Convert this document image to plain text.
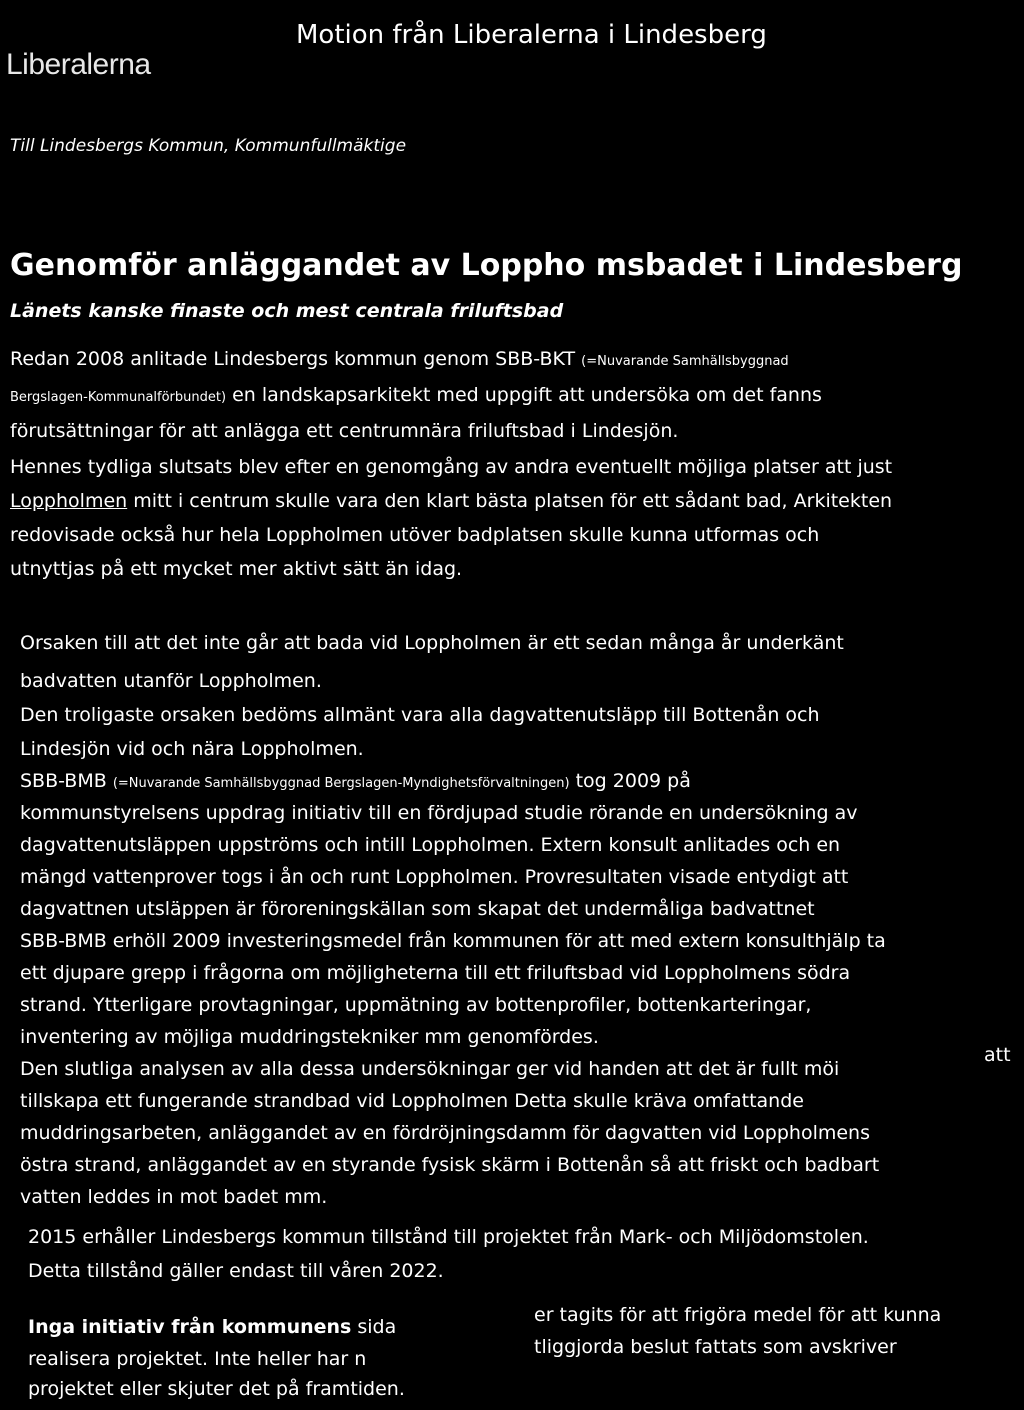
Liberalerna
Motion från Liberalerna i Lindesberg
Till Lindesbergs Kommun, Kommunfullmäktige
Genomför anläggandet av Loppho msbadet i Lindesberg
Länets kanske finaste och mest centrala friluftsbad
Redan 2008 anlitade Lindesbergs kommun genom SBB-BKT (=Nuvarande Samhällsbyggnad
Bergslagen-Kommunalförbundet) en landskapsarkitekt med uppgift att undersöka om det fanns
förutsättningar för att anlägga ett centrumnära friluftsbad i Lindesjön.
Hennes tydliga slutsats blev efter en genomgång av andra eventuellt möjliga platser att just
Loppholmen mitt i centrum skulle vara den klart bästa platsen för ett sådant bad, Arkitekten
redovisade också hur hela Loppholmen utöver badplatsen skulle kunna utformas och
utnyttjas på ett mycket mer aktivt sätt än idag.
Orsaken till att det inte går att bada vid Loppholmen är ett sedan många år underkänt
badvatten utanför Loppholmen.
Den troligaste orsaken bedöms allmänt vara alla dagvattenutsläpp till Bottenån och
Lindesjön vid och nära Loppholmen.
SBB-BMB (=Nuvarande Samhällsbyggnad Bergslagen-Myndighetsförvaltningen) tog 2009 på
kommunstyrelsens uppdrag initiativ till en fördjupad studie rörande en undersökning av
dagvattenutsläppen uppströms och intill Loppholmen. Extern konsult anlitades och en
mängd vattenprover togs i ån och runt Loppholmen. Provresultaten visade entydigt att
dagvattnen utsläppen är föroreningskällan som skapat det undermåliga badvattnet
SBB-BMB erhöll 2009 investeringsmedel från kommunen för att med extern konsulthjälp ta
ett djupare grepp i frågorna om möjligheterna till ett friluftsbad vid Loppholmens södra
strand. Ytterligare provtagningar, uppmätning av bottenprofiler, bottenkarteringar,
inventering av möjliga muddringstekniker mm genomfördes.
Den slutliga analysen av alla dessa undersökningar ger vid handen att det är fullt möi
att
tillskapa ett fungerande strandbad vid Loppholmen Detta skulle kräva omfattande
muddringsarbeten, anläggandet av en fördröjningsdamm för dagvatten vid Loppholmens
östra strand, anläggandet av en styrande fysisk skärm i Bottenån så att friskt och badbart
vatten leddes in mot badet mm.
2015 erhåller Lindesbergs kommun tillstånd till projektet från Mark- och Miljödomstolen.
Detta tillstånd gäller endast till våren 2022.
Inga initiativ från kommunens sida
er tagits för att frigöra medel för att kunna
realisera projektet. Inte heller har n
tliggjorda beslut fattats som avskriver
projektet eller skjuter det på framtiden.
